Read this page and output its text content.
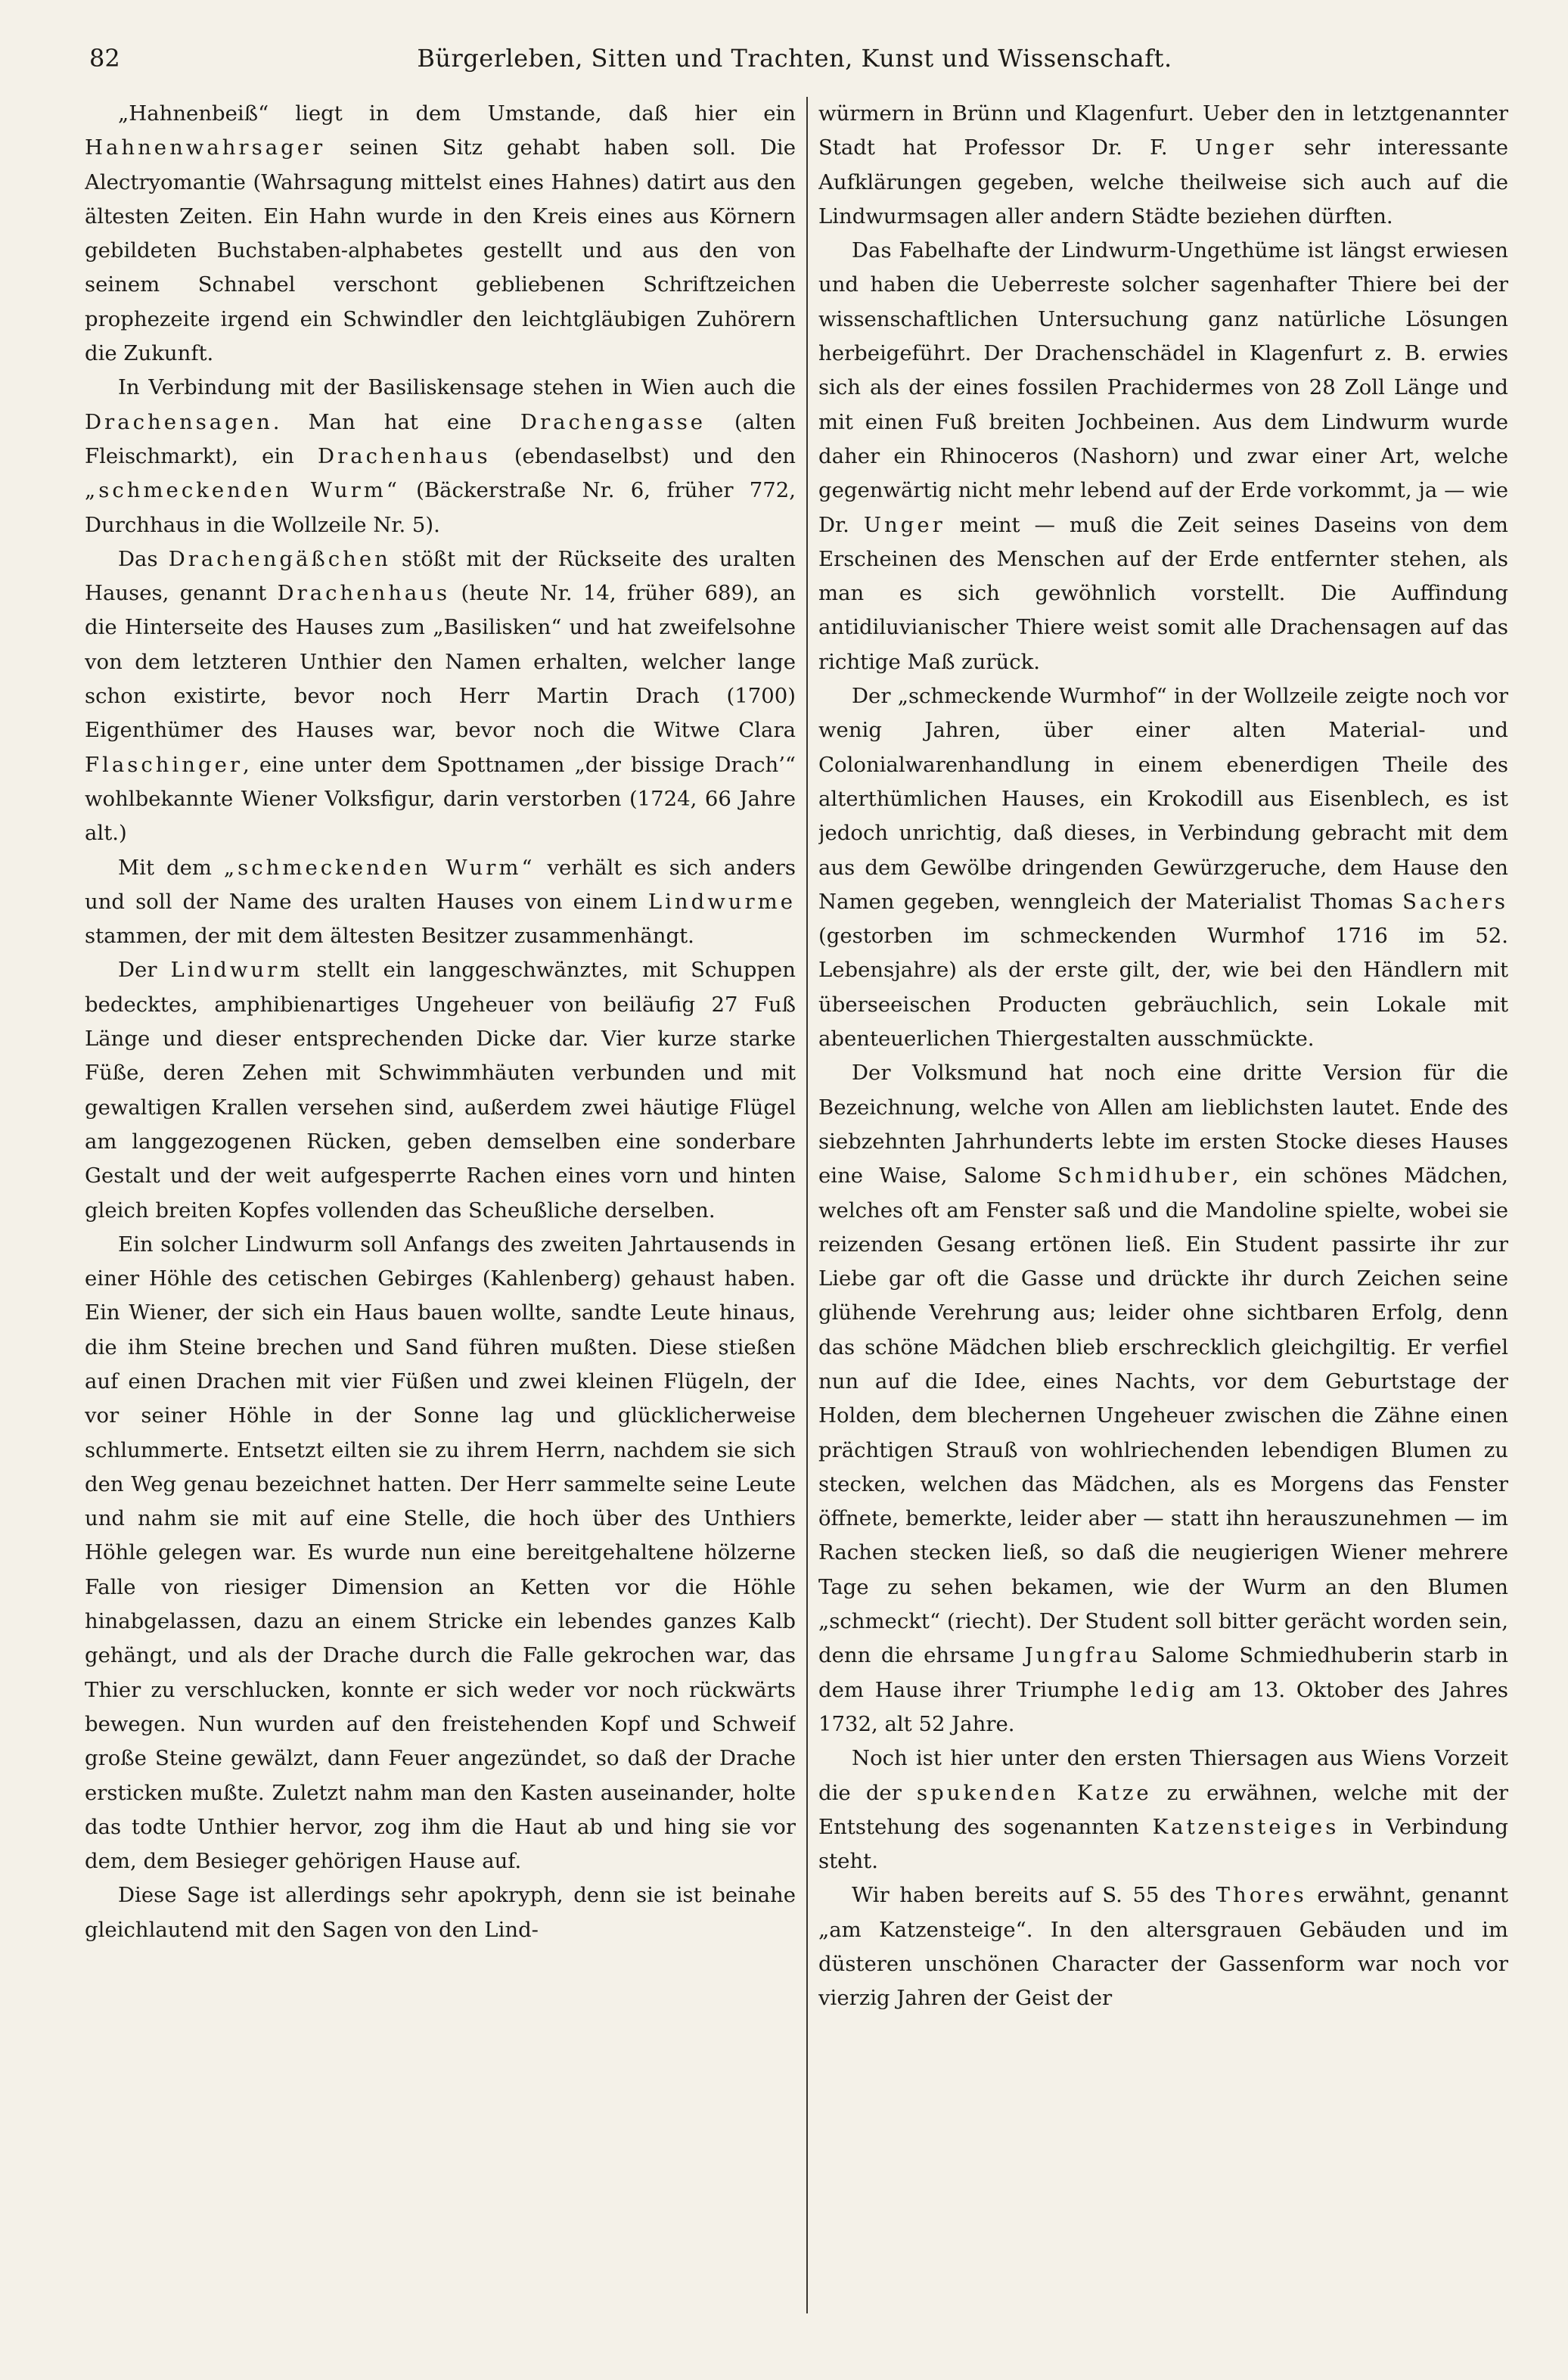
82	Bürgerleben, Sitten und Trachten, Kunst und Wissenschaft.

„Hahnenbeiß“ liegt in dem Umstande, daß hier ein Hahnenwahrsager seinen Sitz gehabt haben soll. Die Alectryomantie (Wahrsagung mittelst eines Hahnes) datirt aus den ältesten Zeiten. Ein Hahn wurde in den Kreis eines aus Körnern gebildeten Buchstaben-alphabetes gestellt und aus den von seinem Schnabel verschont gebliebenen Schriftzeichen prophezeite irgend ein Schwindler den leichtgläubigen Zuhörern die Zukunft.

In Verbindung mit der Basiliskensage stehen in Wien auch die Drachensagen. Man hat eine Drachengasse (alten Fleischmarkt), ein Drachenhaus (ebendaselbst) und den „schmeckenden Wurm“ (Bäckerstraße Nr. 6, früher 772, Durchhaus in die Wollzeile Nr. 5).

Das Drachengäßchen stößt mit der Rückseite des uralten Hauses, genannt Drachenhaus (heute Nr. 14, früher 689), an die Hinterseite des Hauses zum „Basilisken“ und hat zweifelsohne von dem letzteren Unthier den Namen erhalten, welcher lange schon existirte, bevor noch Herr Martin Drach (1700) Eigenthümer des Hauses war, bevor noch die Witwe Clara Flaschinger, eine unter dem Spottnamen „der bissige Drach’“ wohlbekannte Wiener Volksfigur, darin verstorben (1724, 66 Jahre alt.)

Mit dem „schmeckenden Wurm“ verhält es sich anders und soll der Name des uralten Hauses von einem Lindwurme stammen, der mit dem ältesten Besitzer zusammenhängt.

Der Lindwurm stellt ein langgeschwänztes, mit Schuppen bedecktes, amphibienartiges Ungeheuer von beiläufig 27 Fuß Länge und dieser entsprechenden Dicke dar. Vier kurze starke Füße, deren Zehen mit Schwimmhäuten verbunden und mit gewaltigen Krallen versehen sind, außerdem zwei häutige Flügel am langgezogenen Rücken, geben demselben eine sonderbare Gestalt und der weit aufgesperrte Rachen eines vorn und hinten gleich breiten Kopfes vollenden das Scheußliche derselben.

Ein solcher Lindwurm soll Anfangs des zweiten Jahrtausends in einer Höhle des cetischen Gebirges (Kahlenberg) gehaust haben. Ein Wiener, der sich ein Haus bauen wollte, sandte Leute hinaus, die ihm Steine brechen und Sand führen mußten. Diese stießen auf einen Drachen mit vier Füßen und zwei kleinen Flügeln, der vor seiner Höhle in der Sonne lag und glücklicherweise schlummerte. Entsetzt eilten sie zu ihrem Herrn, nachdem sie sich den Weg genau bezeichnet hatten. Der Herr sammelte seine Leute und nahm sie mit auf eine Stelle, die hoch über des Unthiers Höhle gelegen war. Es wurde nun eine bereitgehaltene hölzerne Falle von riesiger Dimension an Ketten vor die Höhle hinabgelassen, dazu an einem Stricke ein lebendes ganzes Kalb gehängt, und als der Drache durch die Falle gekrochen war, das Thier zu verschlucken, konnte er sich weder vor noch rückwärts bewegen. Nun wurden auf den freistehenden Kopf und Schweif große Steine gewälzt, dann Feuer angezündet, so daß der Drache ersticken mußte. Zuletzt nahm man den Kasten auseinander, holte das todte Unthier hervor, zog ihm die Haut ab und hing sie vor dem, dem Besieger gehörigen Hause auf.

Diese Sage ist allerdings sehr apokryph, denn sie ist beinahe gleichlautend mit den Sagen von den Lind-

würmern in Brünn und Klagenfurt. Ueber den in letztgenannter Stadt hat Professor Dr. F. Unger sehr interessante Aufklärungen gegeben, welche theilweise sich auch auf die Lindwurmsagen aller andern Städte beziehen dürften.

Das Fabelhafte der Lindwurm-Ungethüme ist längst erwiesen und haben die Ueberreste solcher sagenhafter Thiere bei der wissenschaftlichen Untersuchung ganz natürliche Lösungen herbeigeführt. Der Drachenschädel in Klagenfurt z. B. erwies sich als der eines fossilen Prachidermes von 28 Zoll Länge und mit einen Fuß breiten Jochbeinen. Aus dem Lindwurm wurde daher ein Rhinoceros (Nashorn) und zwar einer Art, welche gegenwärtig nicht mehr lebend auf der Erde vorkommt, ja — wie Dr. Unger meint — muß die Zeit seines Daseins von dem Erscheinen des Menschen auf der Erde entfernter stehen, als man es sich gewöhnlich vorstellt. Die Auffindung antidiluvianischer Thiere weist somit alle Drachensagen auf das richtige Maß zurück.

Der „schmeckende Wurmhof“ in der Wollzeile zeigte noch vor wenig Jahren, über einer alten Material- und Colonialwarenhandlung in einem ebenerdigen Theile des alterthümlichen Hauses, ein Krokodill aus Eisenblech, es ist jedoch unrichtig, daß dieses, in Verbindung gebracht mit dem aus dem Gewölbe dringenden Gewürzgeruche, dem Hause den Namen gegeben, wenngleich der Materialist Thomas Sachers (gestorben im schmeckenden Wurmhof 1716 im 52. Lebensjahre) als der erste gilt, der, wie bei den Händlern mit überseeischen Producten gebräuchlich, sein Lokale mit abenteuerlichen Thiergestalten ausschmückte.

Der Volksmund hat noch eine dritte Version für die Bezeichnung, welche von Allen am lieblichsten lautet. Ende des siebzehnten Jahrhunderts lebte im ersten Stocke dieses Hauses eine Waise, Salome Schmidhuber, ein schönes Mädchen, welches oft am Fenster saß und die Mandoline spielte, wobei sie reizenden Gesang ertönen ließ. Ein Student passirte ihr zur Liebe gar oft die Gasse und drückte ihr durch Zeichen seine glühende Verehrung aus; leider ohne sichtbaren Erfolg, denn das schöne Mädchen blieb erschrecklich gleichgiltig. Er verfiel nun auf die Idee, eines Nachts, vor dem Geburtstage der Holden, dem blechernen Ungeheuer zwischen die Zähne einen prächtigen Strauß von wohlriechenden lebendigen Blumen zu stecken, welchen das Mädchen, als es Morgens das Fenster öffnete, bemerkte, leider aber — statt ihn herauszunehmen — im Rachen stecken ließ, so daß die neugierigen Wiener mehrere Tage zu sehen bekamen, wie der Wurm an den Blumen „schmeckt“ (riecht). Der Student soll bitter gerächt worden sein, denn die ehrsame Jungfrau Salome Schmiedhuberin starb in dem Hause ihrer Triumphe ledig am 13. Oktober des Jahres 1732, alt 52 Jahre.

Noch ist hier unter den ersten Thiersagen aus Wiens Vorzeit die der spukenden Katze zu erwähnen, welche mit der Entstehung des sogenannten Katzensteiges in Verbindung steht.

Wir haben bereits auf S. 55 des Thores erwähnt, genannt „am Katzensteige“. In den altersgrauen Gebäuden und im düsteren unschönen Character der Gassenform war noch vor vierzig Jahren der Geist der
